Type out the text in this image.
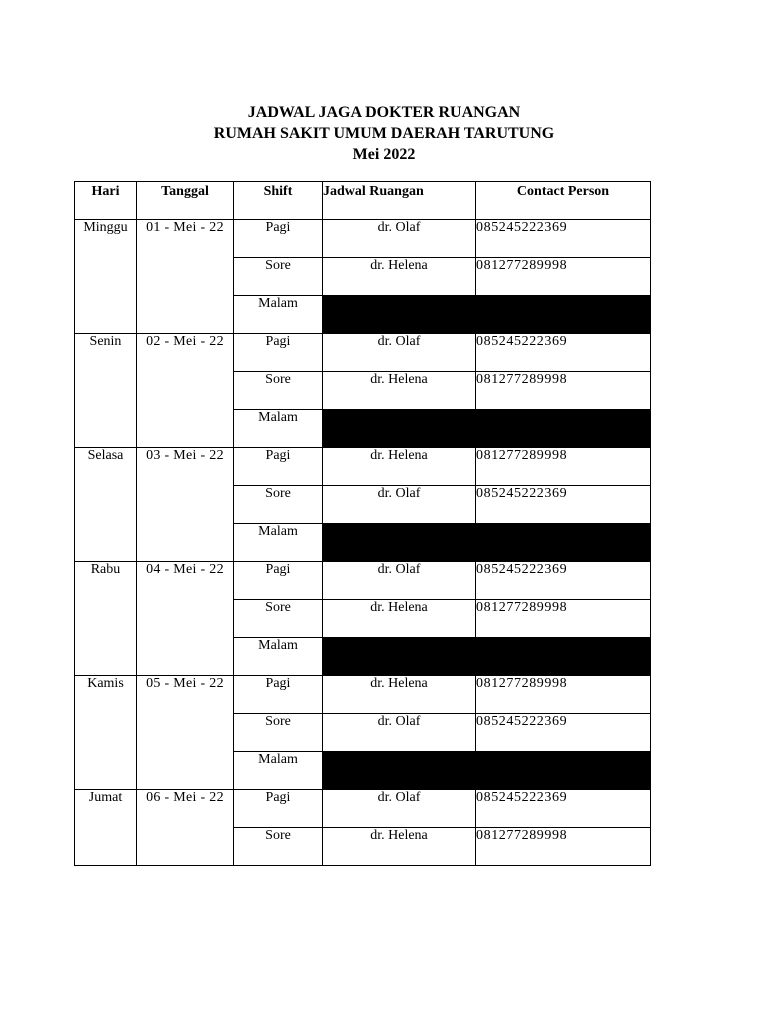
JADWAL JAGA DOKTER RUANGAN
RUMAH SAKIT UMUM DAERAH TARUTUNG
Mei 2022
Hari	Tanggal	Shift	Jadwal Ruangan	Contact Person
Minggu	01 - Mei - 22	Pagi	dr. Olaf	085245222369
		Sore	dr. Helena	081277289998
		Malam		
Senin	02 - Mei - 22	Pagi	dr. Olaf	085245222369
		Sore	dr. Helena	081277289998
		Malam		
Selasa	03 - Mei - 22	Pagi	dr. Helena	081277289998
		Sore	dr. Olaf	085245222369
		Malam		
Rabu	04 - Mei - 22	Pagi	dr. Olaf	085245222369
		Sore	dr. Helena	081277289998
		Malam		
Kamis	05 - Mei - 22	Pagi	dr. Helena	081277289998
		Sore	dr. Olaf	085245222369
		Malam		
Jumat	06 - Mei - 22	Pagi	dr. Olaf	085245222369
		Sore	dr. Helena	081277289998
